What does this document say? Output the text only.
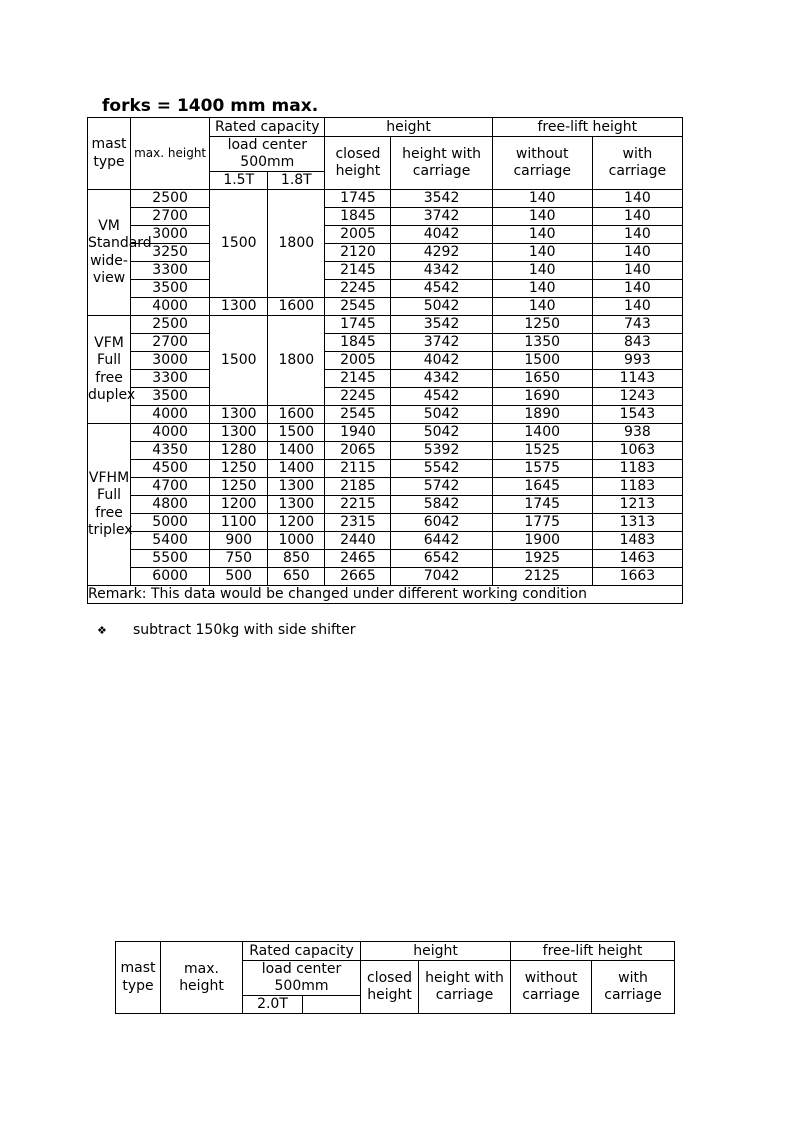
forks = 1400 mm max.
mast type	max. height	Rated capacity		height		free-lift height	
		load center 500mm		closed height	height with carriage	without carriage	with carriage
		1.5T	1.8T				
VM Standard wide-view	2500	1500	1800	1745	3542	140	140
	2700			1845	3742	140	140
	3000			2005	4042	140	140
	3250			2120	4292	140	140
	3300			2145	4342	140	140
	3500			2245	4542	140	140
	4000	1300	1600	2545	5042	140	140
VFM Full free duplex	2500	1500	1800	1745	3542	1250	743
	2700			1845	3742	1350	843
	3000			2005	4042	1500	993
	3300			2145	4342	1650	1143
	3500			2245	4542	1690	1243
	4000	1300	1600	2545	5042	1890	1543
VFHM Full free triplex	4000	1300	1500	1940	5042	1400	938
	4350	1280	1400	2065	5392	1525	1063
	4500	1250	1400	2115	5542	1575	1183
	4700	1250	1300	2185	5742	1645	1183
	4800	1200	1300	2215	5842	1745	1213
	5000	1100	1200	2315	6042	1775	1313
	5400	900	1000	2440	6442	1900	1483
	5500	750	850	2465	6542	1925	1463
	6000	500	650	2665	7042	2125	1663
Remark: This data would be changed under different working condition							
❖ subtract 150kg with side shifter
mast type	max. height	Rated capacity		height		free-lift height	
		load center 500mm		closed height	height with carriage	without carriage	with carriage
		2.0T					
